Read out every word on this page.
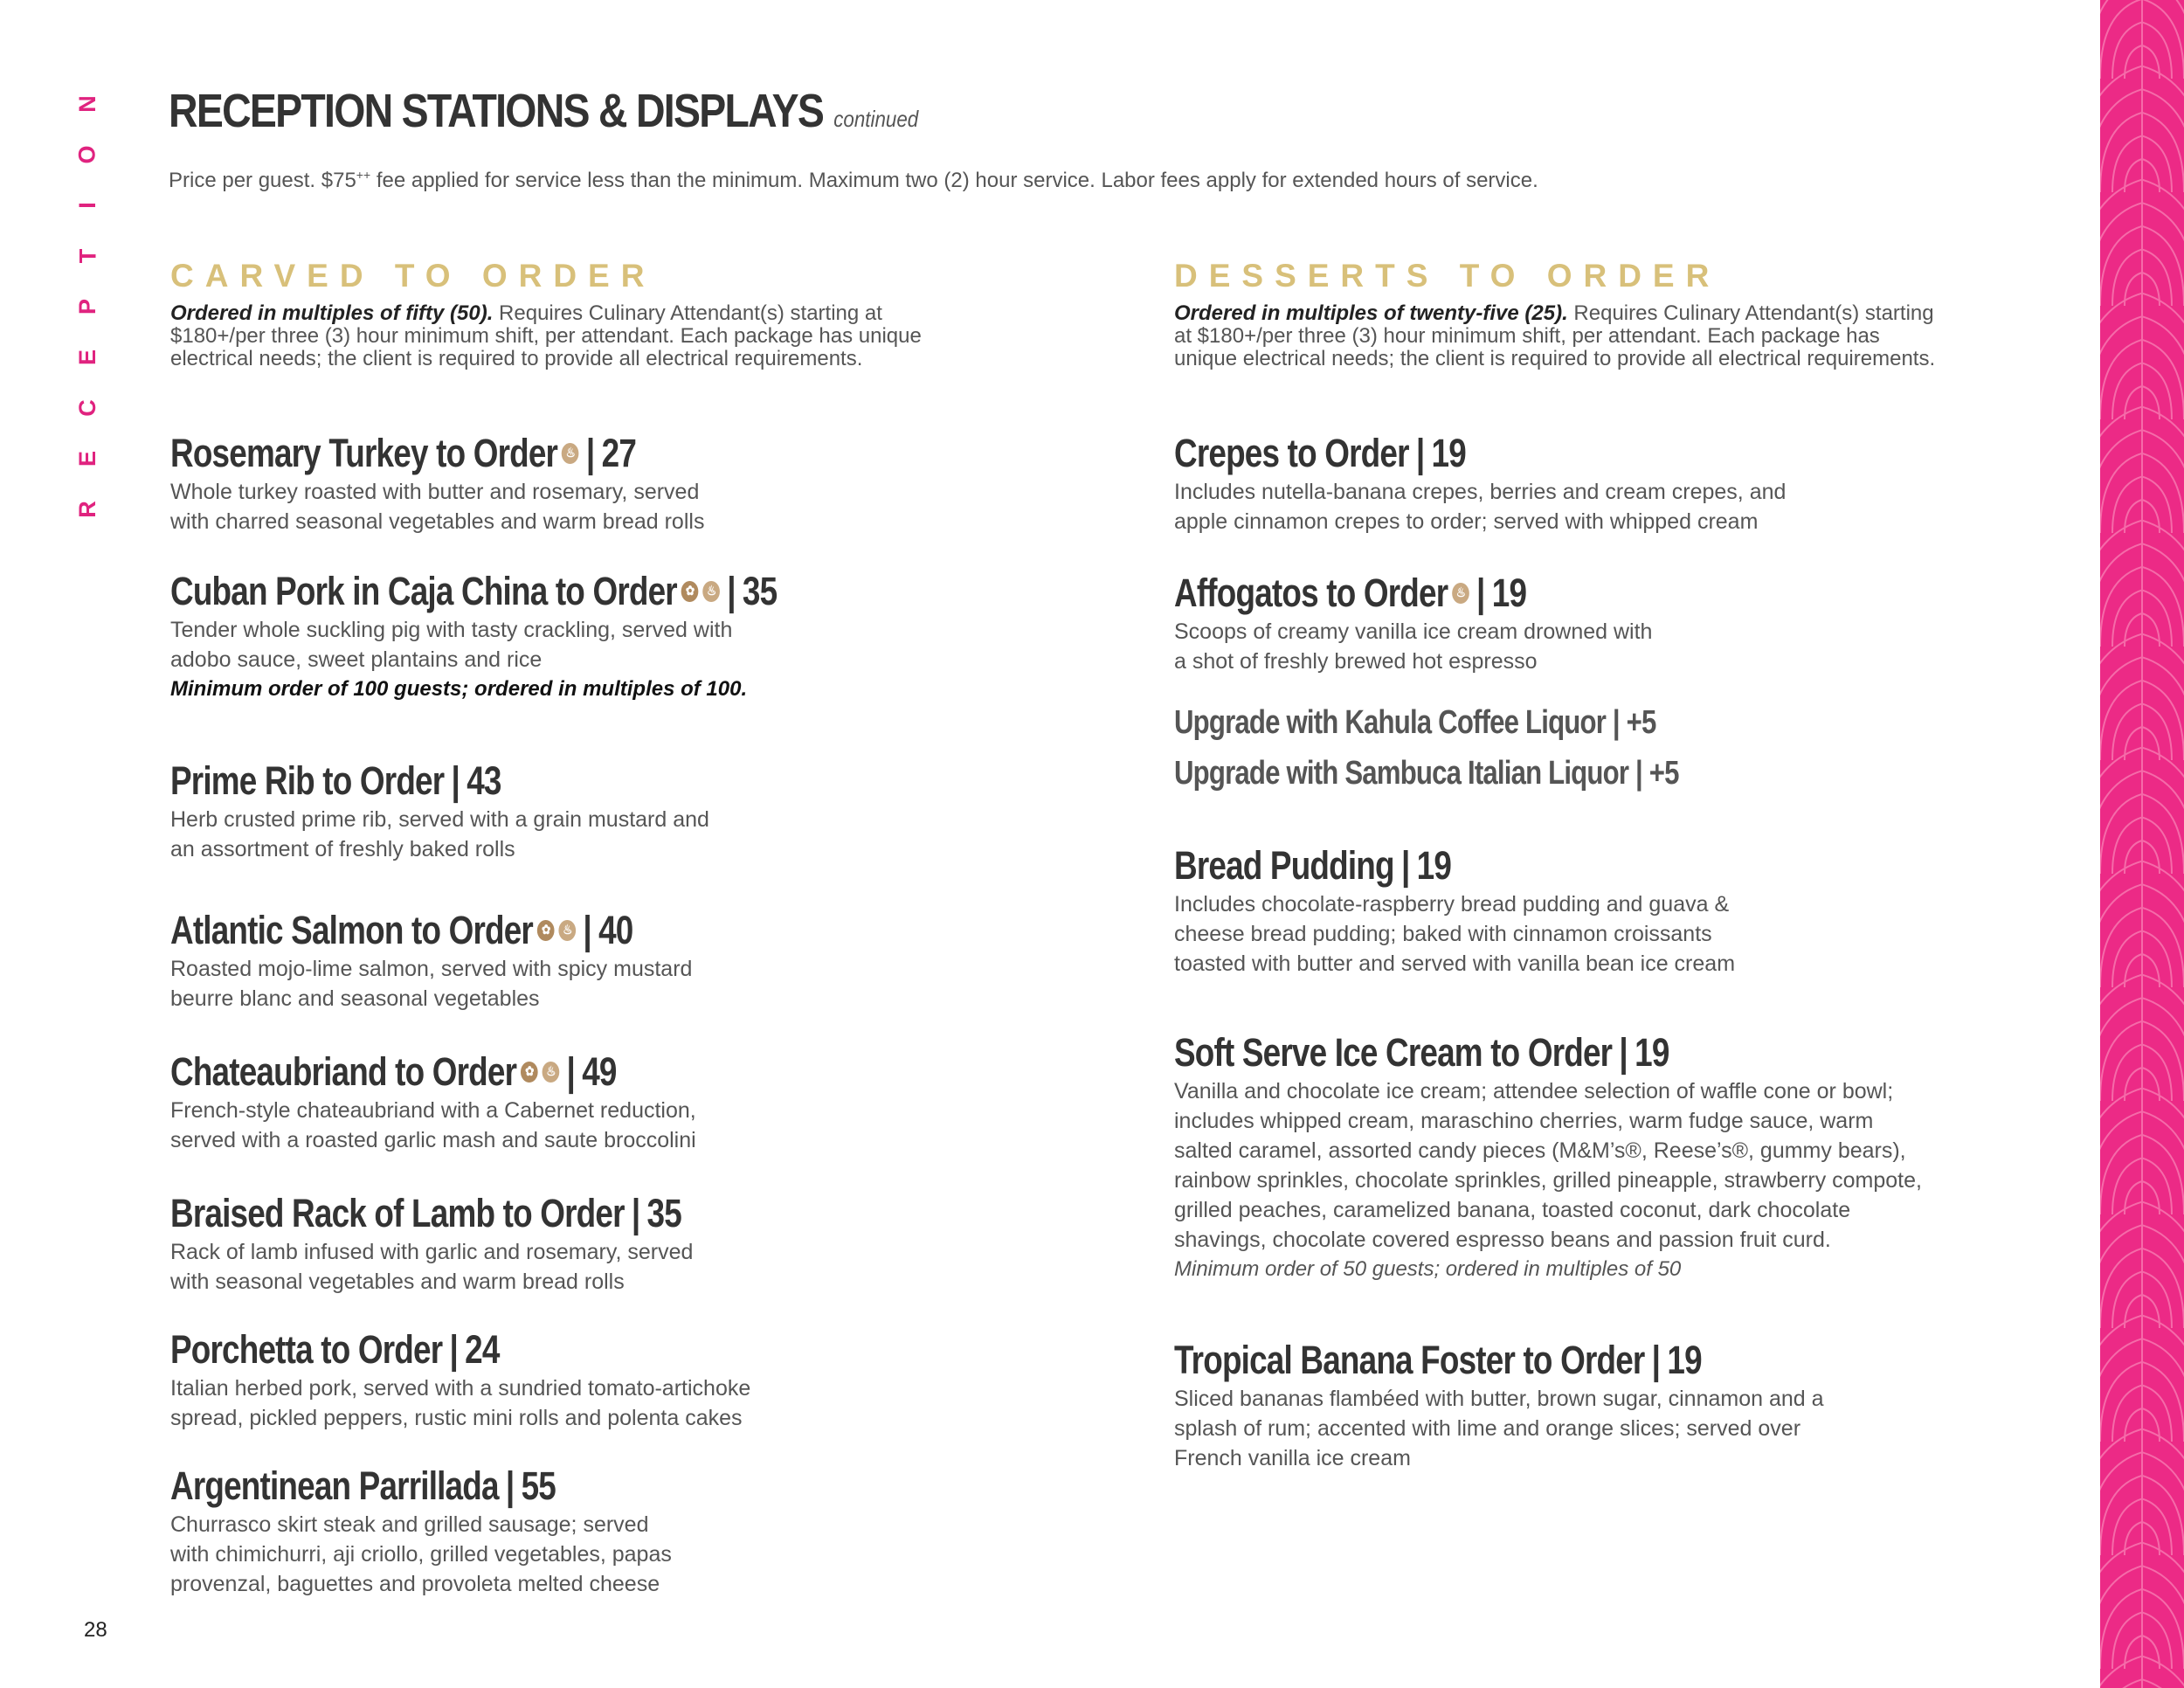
N
O
I
T
P
E
C
E
R
RECEPTION STATIONS & DISPLAYS continued
Price per guest. $75++ fee applied for service less than the minimum. Maximum two (2) hour service. Labor fees apply for extended hours of service.
CARVED TO ORDER
Ordered in multiples of fifty (50). Requires Culinary Attendant(s) starting at
$180+/per three (3) hour minimum shift, per attendant. Each package has unique
electrical needs; the client is required to provide all electrical requirements.
Rosemary Turkey to Order ♨ | 27
Whole turkey roasted with butter and rosemary, served
with charred seasonal vegetables and warm bread rolls
Cuban Pork in Caja China to Order ✿ ♨ | 35
Tender whole suckling pig with tasty crackling, served with
adobo sauce, sweet plantains and rice
Minimum order of 100 guests; ordered in multiples of 100.
Prime Rib to Order | 43
Herb crusted prime rib, served with a grain mustard and
an assortment of freshly baked rolls
Atlantic Salmon to Order ✿ ♨ | 40
Roasted mojo-lime salmon, served with spicy mustard
beurre blanc and seasonal vegetables
Chateaubriand to Order ✿ ♨ | 49
French-style chateaubriand with a Cabernet reduction,
served with a roasted garlic mash and saute broccolini
Braised Rack of Lamb to Order | 35
Rack of lamb infused with garlic and rosemary, served
with seasonal vegetables and warm bread rolls
Porchetta to Order | 24
Italian herbed pork, served with a sundried tomato-artichoke
spread, pickled peppers, rustic mini rolls and polenta cakes
Argentinean Parrillada | 55
Churrasco skirt steak and grilled sausage; served
with chimichurri, aji criollo, grilled vegetables, papas
provenzal, baguettes and provoleta melted cheese
DESSERTS TO ORDER
Ordered in multiples of twenty-five (25). Requires Culinary Attendant(s) starting
at $180+/per three (3) hour minimum shift, per attendant. Each package has
unique electrical needs; the client is required to provide all electrical requirements.
Crepes to Order | 19
Includes nutella-banana crepes, berries and cream crepes, and
apple cinnamon crepes to order; served with whipped cream
Affogatos to Order ♨ | 19
Scoops of creamy vanilla ice cream drowned with
a shot of freshly brewed hot espresso
Upgrade with Kahula Coffee Liquor | +5
Upgrade with Sambuca Italian Liquor | +5
Bread Pudding | 19
Includes chocolate-raspberry bread pudding and guava &
cheese bread pudding; baked with cinnamon croissants
toasted with butter and served with vanilla bean ice cream
Soft Serve Ice Cream to Order | 19
Vanilla and chocolate ice cream; attendee selection of waffle cone or bowl;
includes whipped cream, maraschino cherries, warm fudge sauce, warm
salted caramel, assorted candy pieces (M&M’s®, Reese’s®, gummy bears),
rainbow sprinkles, chocolate sprinkles, grilled pineapple, strawberry compote,
grilled peaches, caramelized banana, toasted coconut, dark chocolate
shavings, chocolate covered espresso beans and passion fruit curd.
Minimum order of 50 guests; ordered in multiples of 50
Tropical Banana Foster to Order | 19
Sliced bananas flambéed with butter, brown sugar, cinnamon and a
splash of rum; accented with lime and orange slices; served over
French vanilla ice cream
28
